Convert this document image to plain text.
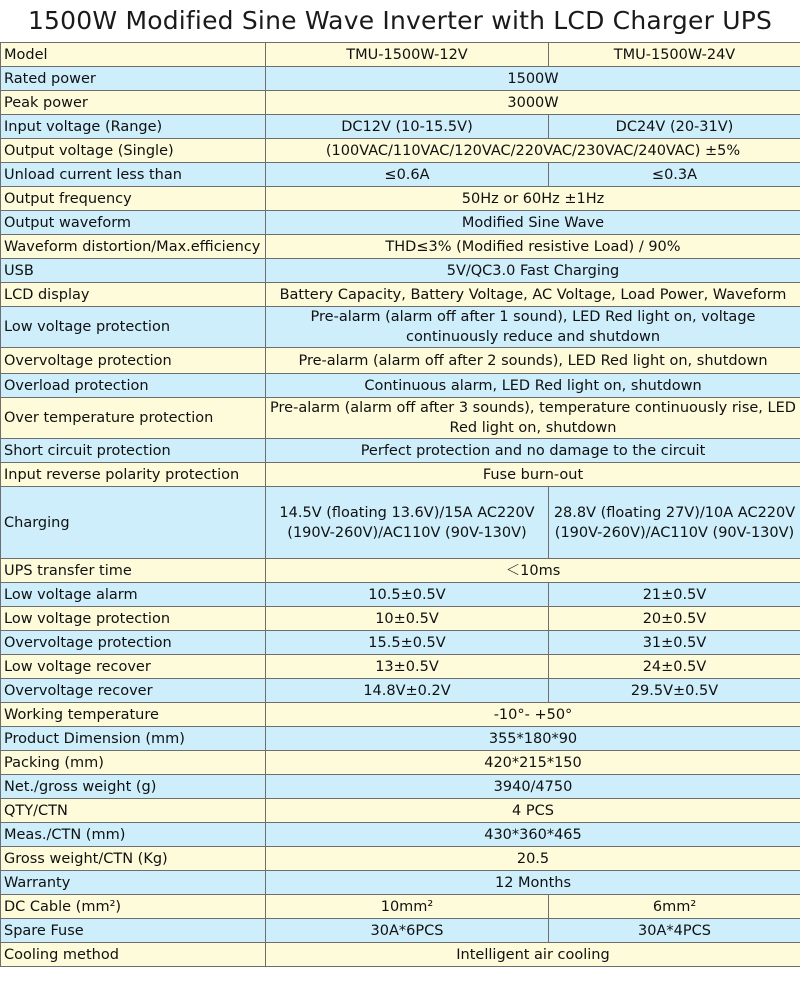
1500W Modified Sine Wave Inverter with LCD Charger UPS
Model	TMU-1500W-12V	TMU-1500W-24V
Rated power	1500W	
Peak power	3000W	
Input voltage (Range)	DC12V (10-15.5V)	DC24V (20-31V)
Output voltage (Single)	(100VAC/110VAC/120VAC/220VAC/230VAC/240VAC) ±5%	
Unload current less than	≤0.6A	≤0.3A
Output frequency	50Hz or 60Hz ±1Hz	
Output waveform	Modified Sine Wave	
Waveform distortion/Max.efficiency	THD≤3% (Modified resistive Load) / 90%	
USB	5V/QC3.0 Fast Charging	
LCD display	Battery Capacity, Battery Voltage, AC Voltage, Load Power, Waveform	
Low voltage protection	Pre-alarm (alarm off after 1 sound), LED Red light on, voltage continuously reduce and shutdown	
Overvoltage protection	Pre-alarm (alarm off after 2 sounds), LED Red light on, shutdown	
Overload protection	Continuous alarm, LED Red light on, shutdown	
Over temperature protection	Pre-alarm (alarm off after 3 sounds), temperature continuously rise, LED Red light on, shutdown	
Short circuit protection	Perfect protection and no damage to the circuit	
Input reverse polarity protection	Fuse burn-out	
Charging	14.5V (floating 13.6V)/15A AC220V (190V-260V)/AC110V (90V-130V)	28.8V (floating 27V)/10A AC220V (190V-260V)/AC110V (90V-130V)
UPS transfer time	＜10ms	
Low voltage alarm	10.5±0.5V	21±0.5V
Low voltage protection	10±0.5V	20±0.5V
Overvoltage protection	15.5±0.5V	31±0.5V
Low voltage recover	13±0.5V	24±0.5V
Overvoltage recover	14.8V±0.2V	29.5V±0.5V
Working temperature	-10°- +50°	
Product Dimension (mm)	355*180*90	
Packing (mm)	420*215*150	
Net./gross weight (g)	3940/4750	
QTY/CTN	4 PCS	
Meas./CTN (mm)	430*360*465	
Gross weight/CTN (Kg)	20.5	
Warranty	12 Months	
DC Cable (mm²)	10mm²	6mm²
Spare Fuse	30A*6PCS	30A*4PCS
Cooling method	Intelligent air cooling	
